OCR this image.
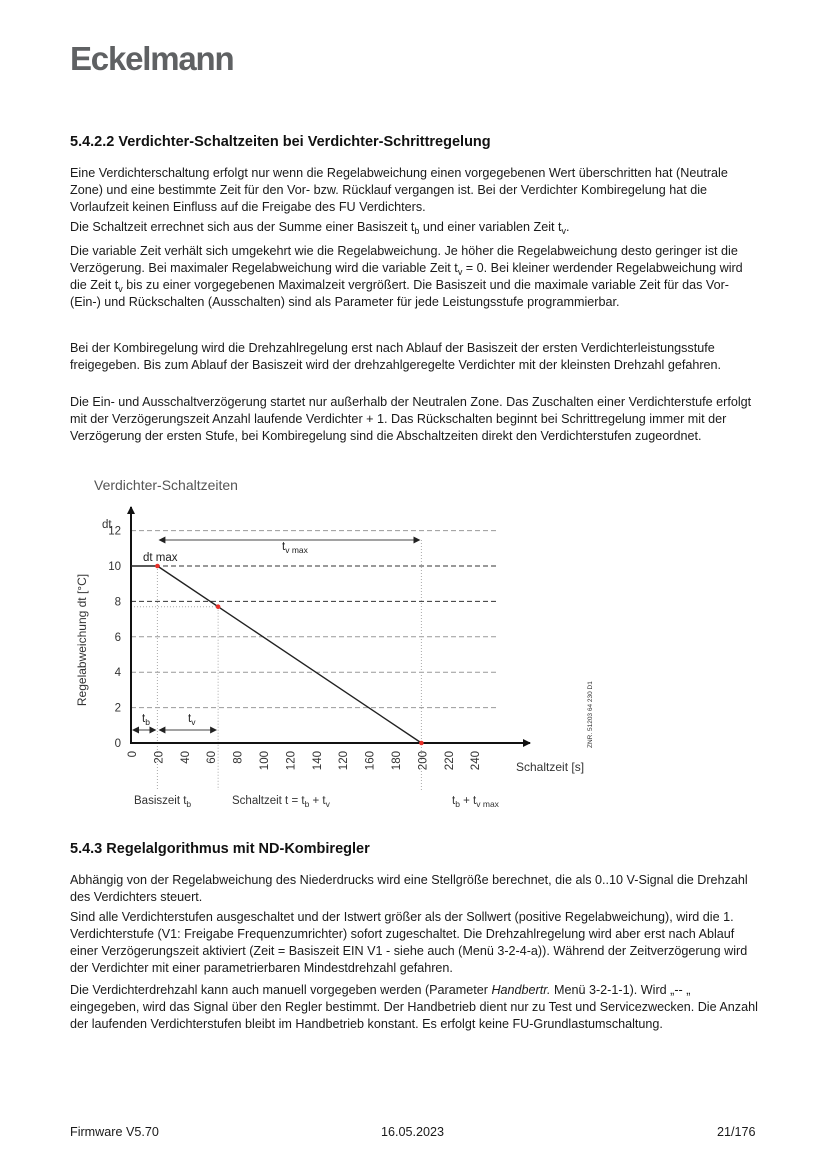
Eckelmann
5.4.2.2 Verdichter-Schaltzeiten bei Verdichter-Schrittregelung

Eine Verdichterschaltung erfolgt nur wenn die Regelabweichung einen vorgegebenen Wert überschritten hat (Neutrale Zone) und eine bestimmte Zeit für den Vor- bzw. Rücklauf vergangen ist. Bei der Verdichter Kombiregelung hat die Vorlaufzeit keinen Einfluss auf die Freigabe des FU Verdichters.

Die Schaltzeit errechnet sich aus der Summe einer Basiszeit $t_b$ und einer variablen Zeit $t_v$.

Die variable Zeit verhält sich umgekehrt wie die Regelabweichung. Je höher die Regelabweichung desto geringer ist die Verzögerung. Bei maximaler Regelabweichung wird die variable Zeit $t_v = 0$. Bei kleiner werdender Regelabweichung wird die Zeit $t_v$ bis zu einer vorgegebenen Maximalzeit vergrößert. Die Basiszeit und die maximale variable Zeit für das Vor- (Ein-) und Rückschalten (Ausschalten) sind als Parameter für jede Leistungsstufe programmierbar.

Bei der Kombiregelung wird die Drehzahlregelung erst nach Ablauf der Basiszeit der ersten Verdichterleistungsstufe freigegeben. Bis zum Ablauf der Basiszeit wird der drehzahlgeregelte Verdichter mit der kleinsten Drehzahl gefahren.

Die Ein- und Ausschaltverzögerung startet nur außerhalb der Neutralen Zone. Das Zuschalten einer Verdichterstufe erfolgt mit der Verzögerungszeit Anzahl laufende Verdichter + 1. Das Rückschalten beginnt bei Schrittregelung immer mit der Verzögerung der ersten Stufe, bei Kombiregelung sind die Abschaltzeiten direkt den Verdichterstufen zugeordnet.

Verdichter-Schaltzeiten
dt
Regelabweichung dt [°C]
Schaltzeit [s]
0
2
4
6
8
10
12
0 20 40 60 80 100 120 140 120 160 180 200 220 240
dt max
$t_{v max}$
$t_b$	$t_v$
Basiszeit $t_b$	Schaltzeit $t = t_b + t_v$	$t_b + t_{v max}$
ZNR. 51203 64 230 D1
5.4.3 Regelalgorithmus mit ND-Kombiregler

Abhängig von der Regelabweichung des Niederdrucks wird eine Stellgröße berechnet, die als 0..10 V-Signal die Drehzahl des Verdichters steuert.

Sind alle Verdichterstufen ausgeschaltet und der Istwert größer als der Sollwert (positive Regelabweichung), wird die 1. Verdichterstufe (V1: Freigabe Frequenzumrichter) sofort zugeschaltet. Die Drehzahlregelung wird aber erst nach Ablauf einer Verzögerungszeit aktiviert (Zeit = Basiszeit EIN V1 - siehe auch (Menü 3-2-4-a)). Während der Zeitverzögerung wird der Verdichter mit einer parametrierbaren Mindestdrehzahl gefahren.

Die Verdichterdrehzahl kann auch manuell vorgegeben werden (Parameter Handbertr. Menü 3-2-1-1). Wird „-- „ eingegeben, wird das Signal über den Regler bestimmt. Der Handbetrieb dient nur zu Test und Servicezwecken. Die Anzahl der laufenden Verdichterstufen bleibt im Handbetrieb konstant. Es erfolgt keine FU-Grundlastumschaltung.

Firmware V5.70	16.05.2023	21/176
